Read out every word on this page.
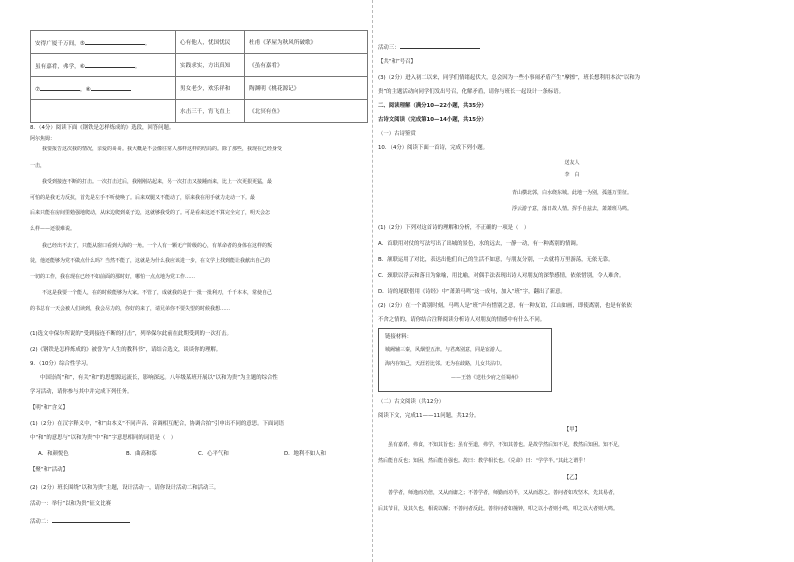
安得广厦千万间，⑤ 。	心有他人，忧国忧民	杜甫《茅屋为秋风所破歌》
虽有嘉肴，弗学，⑥ 。	实践求实，方出真知	《虽有嘉肴》
⑦ ，⑧	男女老少，欢乐祥和	陶渊明《桃花源记》
	水击三千，宵飞直上	《北冥有鱼》
8．（4分）阅读下面《钢铁是怎样炼成的》选段，回答问题。
阿尔焦姆：
我要报告这次我的情况，亲爱的哥哥。我大概是不会像往常人那样这样的结局的。除了那些，我现在已经身受
一击，
我受到接连不断的打击。一次打击过后，我刚刚站起来，另一次打击又接踵而来，比上一次更狠更猛，最
可怕的是我无力反抗，首先是左手不听使唤了。后来双腿又不能动了，原来我在用手就力走动一下。最
后来只能在房间里勉强地爬动，从床边爬到桌子边，这就够我受的了。可是看来这还不算完全完了，明天会怎
么样——还很难说。
我已经出不去了，只能从窗口看到大海的一角。一个人有一颗无产阶级的心，有革命者的身体在这样的叛
徒，他还能够为党不做点什么吗？当然不能了，这就是为什么我应该进一步，在文学上找到能让我献出自己的
一切的工作，我在现在已经不如前面的那时好，哪怕一点点地为党工作……
不这是我要一个能人，在的时候能够为大家。不管了，成就我的是于一批一批利刃，千千本本，常使自己
的书总有一天会被人们读到，我会尽力的，你好的来了，请兄弟你不要失望的时候我想……
(1)选文中保尔所说的“受到接连不断的打击”，列举保尔此前在此期受到的一次打击。
(2)《钢铁是怎样炼成的》被誉为“人生的教科书”，请结合选文，谈谈你的理解。
9．（10分）综合性学习。
中国崇尚“和”，有关“和”的思想源远流长，影响深远。八年级某班开展以“以和为贵”为主题的综合性
学习活动，请你参与其中并完成下列任务。
【明“和”含义】
(1)（2分）在汉字释义中，“和”由本义“不同声音、音调相互配合，协调合拍”引申出不同的意思。下面词语
中“和”的意思与“以和为贵”中“和”字意思相同的词语是（　）
A．和颜悦色	B．曲高和寡	C．心平气和	D．地利不如人和
【聚“和”活动】
(2)（2分）班长围绕“以和为贵”主题，设计活动一，请你设计活动二和活动三。
活动一：举行“以和为贵”征文比赛
活动二：
活动三：
【共“和”号召】
(3)（2分）进入初二以来，同学们情绪起伏大，总会因为一些小事闹矛盾产生“摩擦”，班长想利用本次“以和为
贵”的主题活动向同学们发出号召，化解矛盾，请你与班长一起设计一条标语。
二、阅读理解（满分10—22小题，共35分）
古诗文阅读（完成第10—14小题，共15分）
（一）古诗鉴赏
10．（4分）阅读下面一首诗，完成下列小题。
送友人
李　白
青山横北郭，白水绕东城。此地一为别，孤蓬万里征。
浮云游子意，落日故人情。挥手自兹去，萧萧班马鸣。
(1)（2分）下列对这首诗的理解和分析，不正确的一项是（　）
A．首联用对仗的写法写出了出城的景色，水的远去，一静一动，有一种离别的情调。
B．颔联运用了对比，表达出他们自己的生活不如意，与朋友分别，一去就将万里游荡，无依无靠。
C．颈联以浮云和落日为象喻，用比喻，对偶手法表现出诗人对朋友的深挚感情，依依惜别，令人难舍。
D．诗的尾联借用《诗经》中“萧萧马鸣”这一成句，加入“班”字，翻出了新意。
(2)（2分）在一个离别时刻，马鸣人是“班”声有惜别之意，有一种友谊，江山如画，即使离别，也是有依依
不舍之情的，请你结合注释阅读分析诗人对朋友的情感中有什么不同。
链接材料：
城阙辅三秦，风烟望五津。与君离别意，同是宦游人。
海内存知己，天涯若比邻。无为在歧路，儿女共沾巾。
——王勃《送杜少府之任蜀州》
（二）古文阅读（共12分）
阅读下文，完成11——11问题，共12分。
【甲】
虽有嘉肴，弗食，不知其旨也；虽有至道，弗学，不知其善也。是故学然后知不足，教然后知困。知不足，
然后能自反也；知困，然后能自强也。故曰：教学相长也。《兑命》曰：“学学半。”其此之谓乎！
【乙】
善学者，师逸而功倍，又从而庸之；不善学者，师勤而功半，又从而怨之。善问者如攻坚木，先其易者，
后其节目，及其久也，相说以解；不善问者反此。善待问者如撞钟，叩之以小者则小鸣，叩之以大者则大鸣。
